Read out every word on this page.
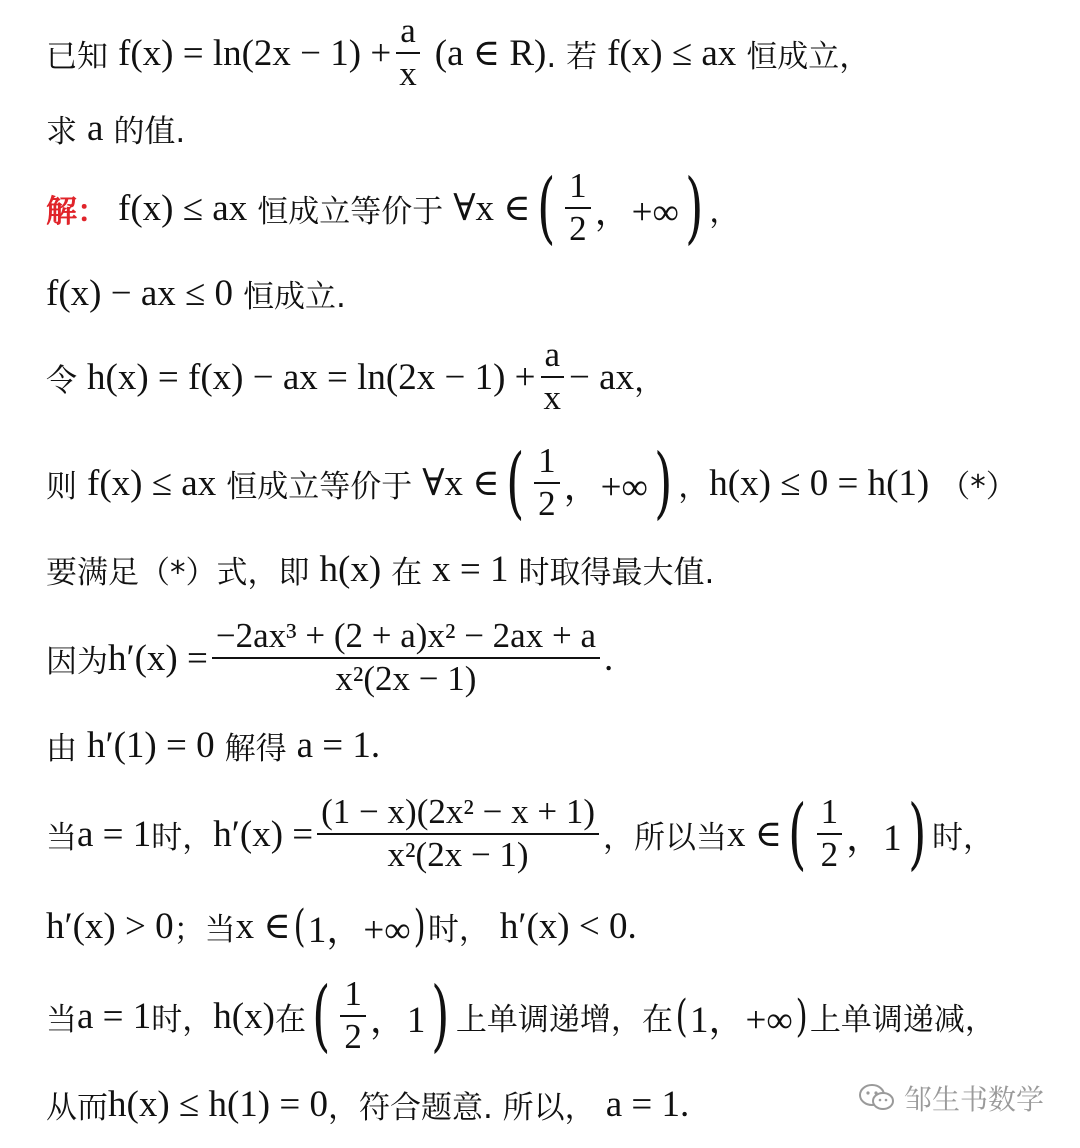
已知 $f(x) = \ln(2x - 1) + \frac{a}{x} (a$ ∈ R) . 若 f(x) ≤ ax 恒成立，
求 a 的值.
解： f(x) ≤ ax 恒成立等价于 ∀x ∈ ( $\frac{1}{2}$ ，+∞ ) ，
f(x) − ax ≤ 0 恒成立.
令 h(x) = f(x) − ax = $\ln(2x - 1) + \frac{a}{x}$ − ax ，
则 f(x) ≤ ax 恒成立等价于 ∀x ∈ ( $\frac{1}{2}$ ，+∞ ) ， h(x) ≤ 0 = h(1) （*）
要满足（*）式，即 h(x) 在 x = 1 时取得最大值.
因为 $h'(x) = \frac{\text{−2ax³ + (2 + a)x² − 2ax + a}}{\text{x²(2x − 1)}}$ .
由 h′(1) = 0 解得 a = 1 .
当 a = 1 时， $h'(x) = \frac{\text{(1 − x)(2x² − x + 1)}}{\text{x²(2x − 1)}}$ ，所以当 x ∈ ( $\frac{1}{2}$ ，1 ) 时，
h′(x) > 0 ；当 x ∈ ( 1，+∞ ) 时， h′(x) < 0 .
当 a = 1 时， h(x) 在 ( $\frac{1}{2}$ ，1 ) 上单调递增，在 ( 1，+∞ ) 上单调递减，
从而 h(x) ≤ h(1) = 0 ，符合题意. 所以， a = 1 .	邹生书数学
